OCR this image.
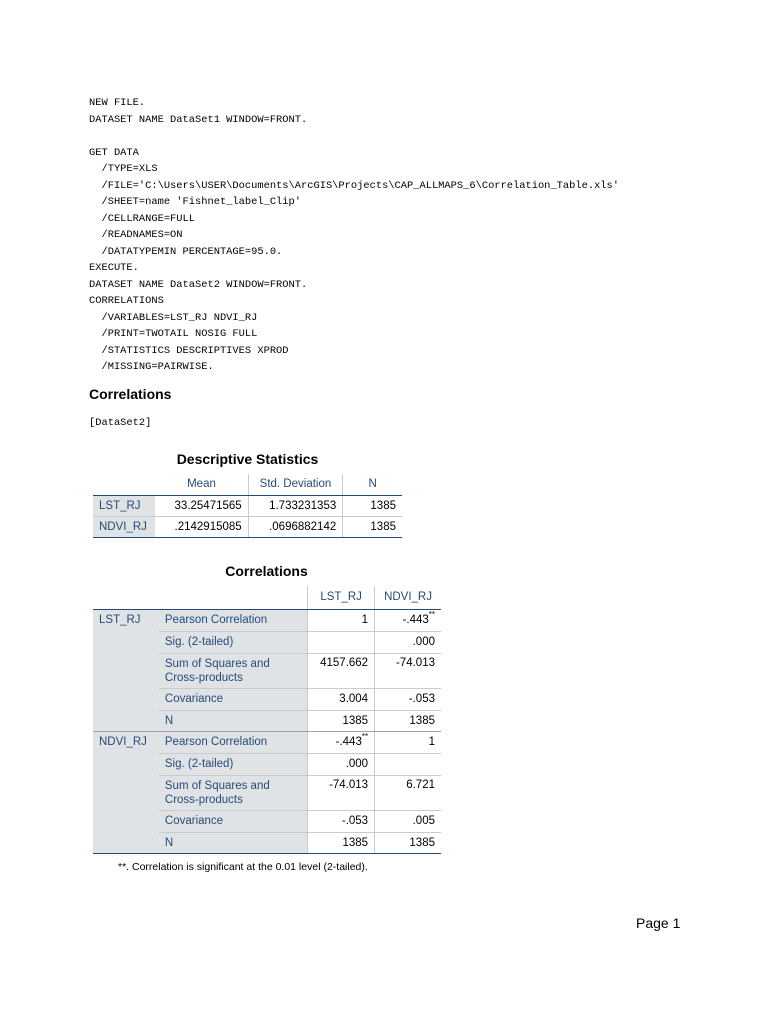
NEW FILE.
DATASET NAME DataSet1 WINDOW=FRONT.
GET DATA
/TYPE=XLS
/FILE='C:\Users\USER\Documents\ArcGIS\Projects\CAP_ALLMAPS_6\Correlation_Table.xls'
/SHEET=name 'Fishnet_label_Clip'
/CELLRANGE=FULL
/READNAMES=ON
/DATATYPEMIN PERCENTAGE=95.0.
EXECUTE.
DATASET NAME DataSet2 WINDOW=FRONT.
CORRELATIONS
/VARIABLES=LST_RJ NDVI_RJ
/PRINT=TWOTAIL NOSIG FULL
/STATISTICS DESCRIPTIVES XPROD
/MISSING=PAIRWISE.
Correlations
[DataSet2]
Descriptive Statistics
	Mean	Std. Deviation	N
LST_RJ	33.25471565	1.733231353	1385
NDVI_RJ	.2142915085	.0696882142	1385
Correlations
		LST_RJ	NDVI_RJ
LST_RJ	Pearson Correlation	1	-.443**
	Sig. (2-tailed)		.000
	Sum of Squares and Cross-products	4157.662	-74.013
	Covariance	3.004	-.053
	N	1385	1385
NDVI_RJ	Pearson Correlation	-.443**	1
	Sig. (2-tailed)	.000	
	Sum of Squares and Cross-products	-74.013	6.721
	Covariance	-.053	.005
	N	1385	1385
**. Correlation is significant at the 0.01 level (2-tailed).
Page 1
